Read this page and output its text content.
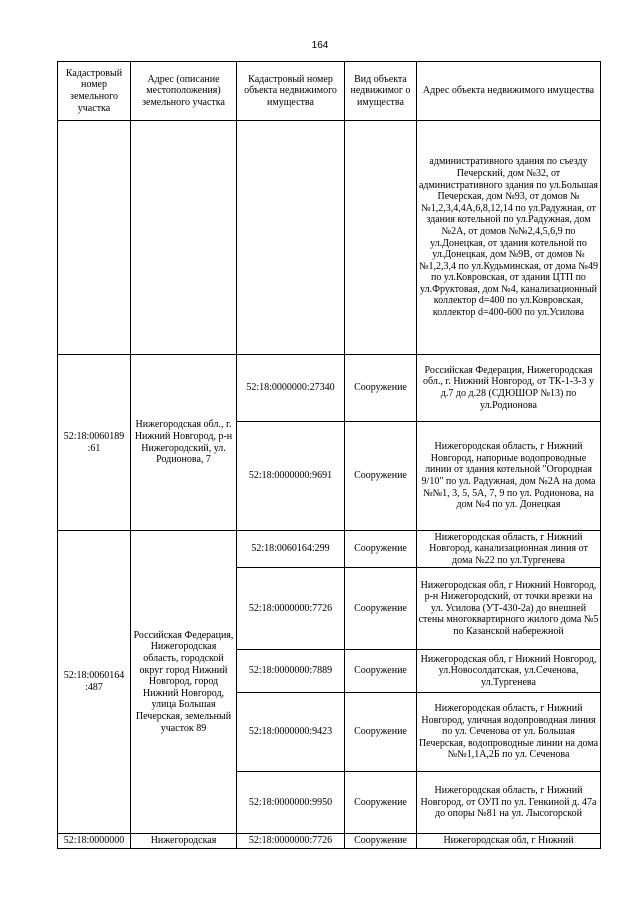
164
Кадастровый номер земельного участка	Адрес (описание местоположения) земельного участка	Кадастровый номер объекта недвижимого имущества	Вид объекта недвижимог о имущества	Адрес объекта недвижимого имущества
				административного здания по съезду Печерский, дом №32, от административного здания по ул.Большая Печерская, дом №93, от домов №№1,2,3,4,4А,6,8,12,14 по ул.Радужная, от здания котельной по ул.Радужная, дом №2А, от домов №№2,4,5,6,9 по ул.Донецкая, от здания котельной по ул.Донецкая, дом №9В, от домов №№1,2,3,4 по ул.Кудьминская, от дома №49 по ул.Ковровская, от здания ЦТП по ул.Фруктовая, дом №4, канализационный коллектор d=400 по ул.Ковровская, коллектор d=400-600 по ул.Усилова
52:18:0060189 :61	Нижегородская обл., г. Нижний Новгород, р-н Нижегородский, ул. Родионова, 7	52:18:0000000:27340	Сооружение	Российская Федерация, Нижегородская обл., г. Нижний Новгород, от ТК-1-3-3 у д.7 до д.28 (СДЮШОР №13) по ул.Родионова
		52:18:0000000:9691	Сооружение	Нижегородская область, г Нижний Новгород, напорные водопроводные линии от здания котельной "Огородная 9/10" по ул. Радужная, дом №2А на дома №№1, 3, 5, 5А, 7, 9 по ул. Родионова, на дом №4 по ул. Донецкая
52:18:0060164 :487	Российская Федерация, Нижегородская область, городской округ город Нижний Новгород, город Нижний Новгород, улица Большая Печерская, земельный участок 89	52:18:0060164:299	Сооружение	Нижегородская область, г Нижний Новгород, канализационная линия от дома №22 по ул.Тургенева
		52:18:0000000:7726	Сооружение	Нижегородская обл, г Нижний Новгород, р-н Нижегородский, от точки врезки на ул. Усилова (УТ-430-2а) до внешней стены многоквартирного жилого дома №5 по Казанской набережной
		52:18:0000000:7889	Сооружение	Нижегородская обл, г Нижний Новгород, ул.Новосолдатская, ул.Сеченова, ул.Тургенева
		52:18:0000000:9423	Сооружение	Нижегородская область, г Нижний Новгород, уличная водопроводная линия по ул. Сеченова от ул. Большая Печерская, водопроводные линии на дома №№1,1А,2Б по ул. Сеченова
		52:18:0000000:9950	Сооружение	Нижегородская область, г Нижний Новгород, от ОУП по ул. Генкиной д. 47а до опоры №81 на ул. Лысогорской
52:18:0000000	Нижегородская	52:18:0000000:7726	Сооружение	Нижегородская обл, г Нижний
